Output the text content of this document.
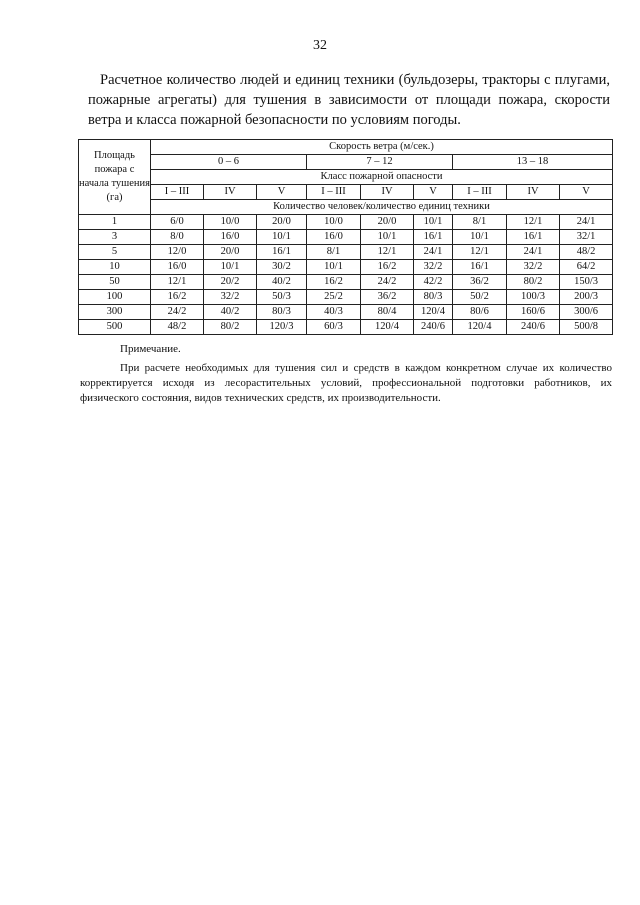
32

Расчетное количество людей и единиц техники (бульдозеры, тракторы с плугами, пожарные агрегаты) для тушения в зависимости от площади пожара, скорости ветра и класса пожарной безопасности по условиям погоды.

Площадь пожара с начала тушения (га)	Скорость ветра (м/сек.)								
	0 – 6			7 – 12			13 – 18		
	Класс пожарной опасности								
	I – III	IV	V	I – III	IV	V	I – III	IV	V
	Количество человек/количество единиц техники								
1	6/0	10/0	20/0	10/0	20/0	10/1	8/1	12/1	24/1
3	8/0	16/0	10/1	16/0	10/1	16/1	10/1	16/1	32/1
5	12/0	20/0	16/1	8/1	12/1	24/1	12/1	24/1	48/2
10	16/0	10/1	30/2	10/1	16/2	32/2	16/1	32/2	64/2
50	12/1	20/2	40/2	16/2	24/2	42/2	36/2	80/2	150/3
100	16/2	32/2	50/3	25/2	36/2	80/3	50/2	100/3	200/3
300	24/2	40/2	80/3	40/3	80/4	120/4	80/6	160/6	300/6
500	48/2	80/2	120/3	60/3	120/4	240/6	120/4	240/6	500/8

Примечание.

При расчете необходимых для тушения сил и средств в каждом конкретном случае их количество корректируется исходя из лесорастительных условий, профессиональной подготовки работников, их физического состояния, видов технических средств, их производительности.
